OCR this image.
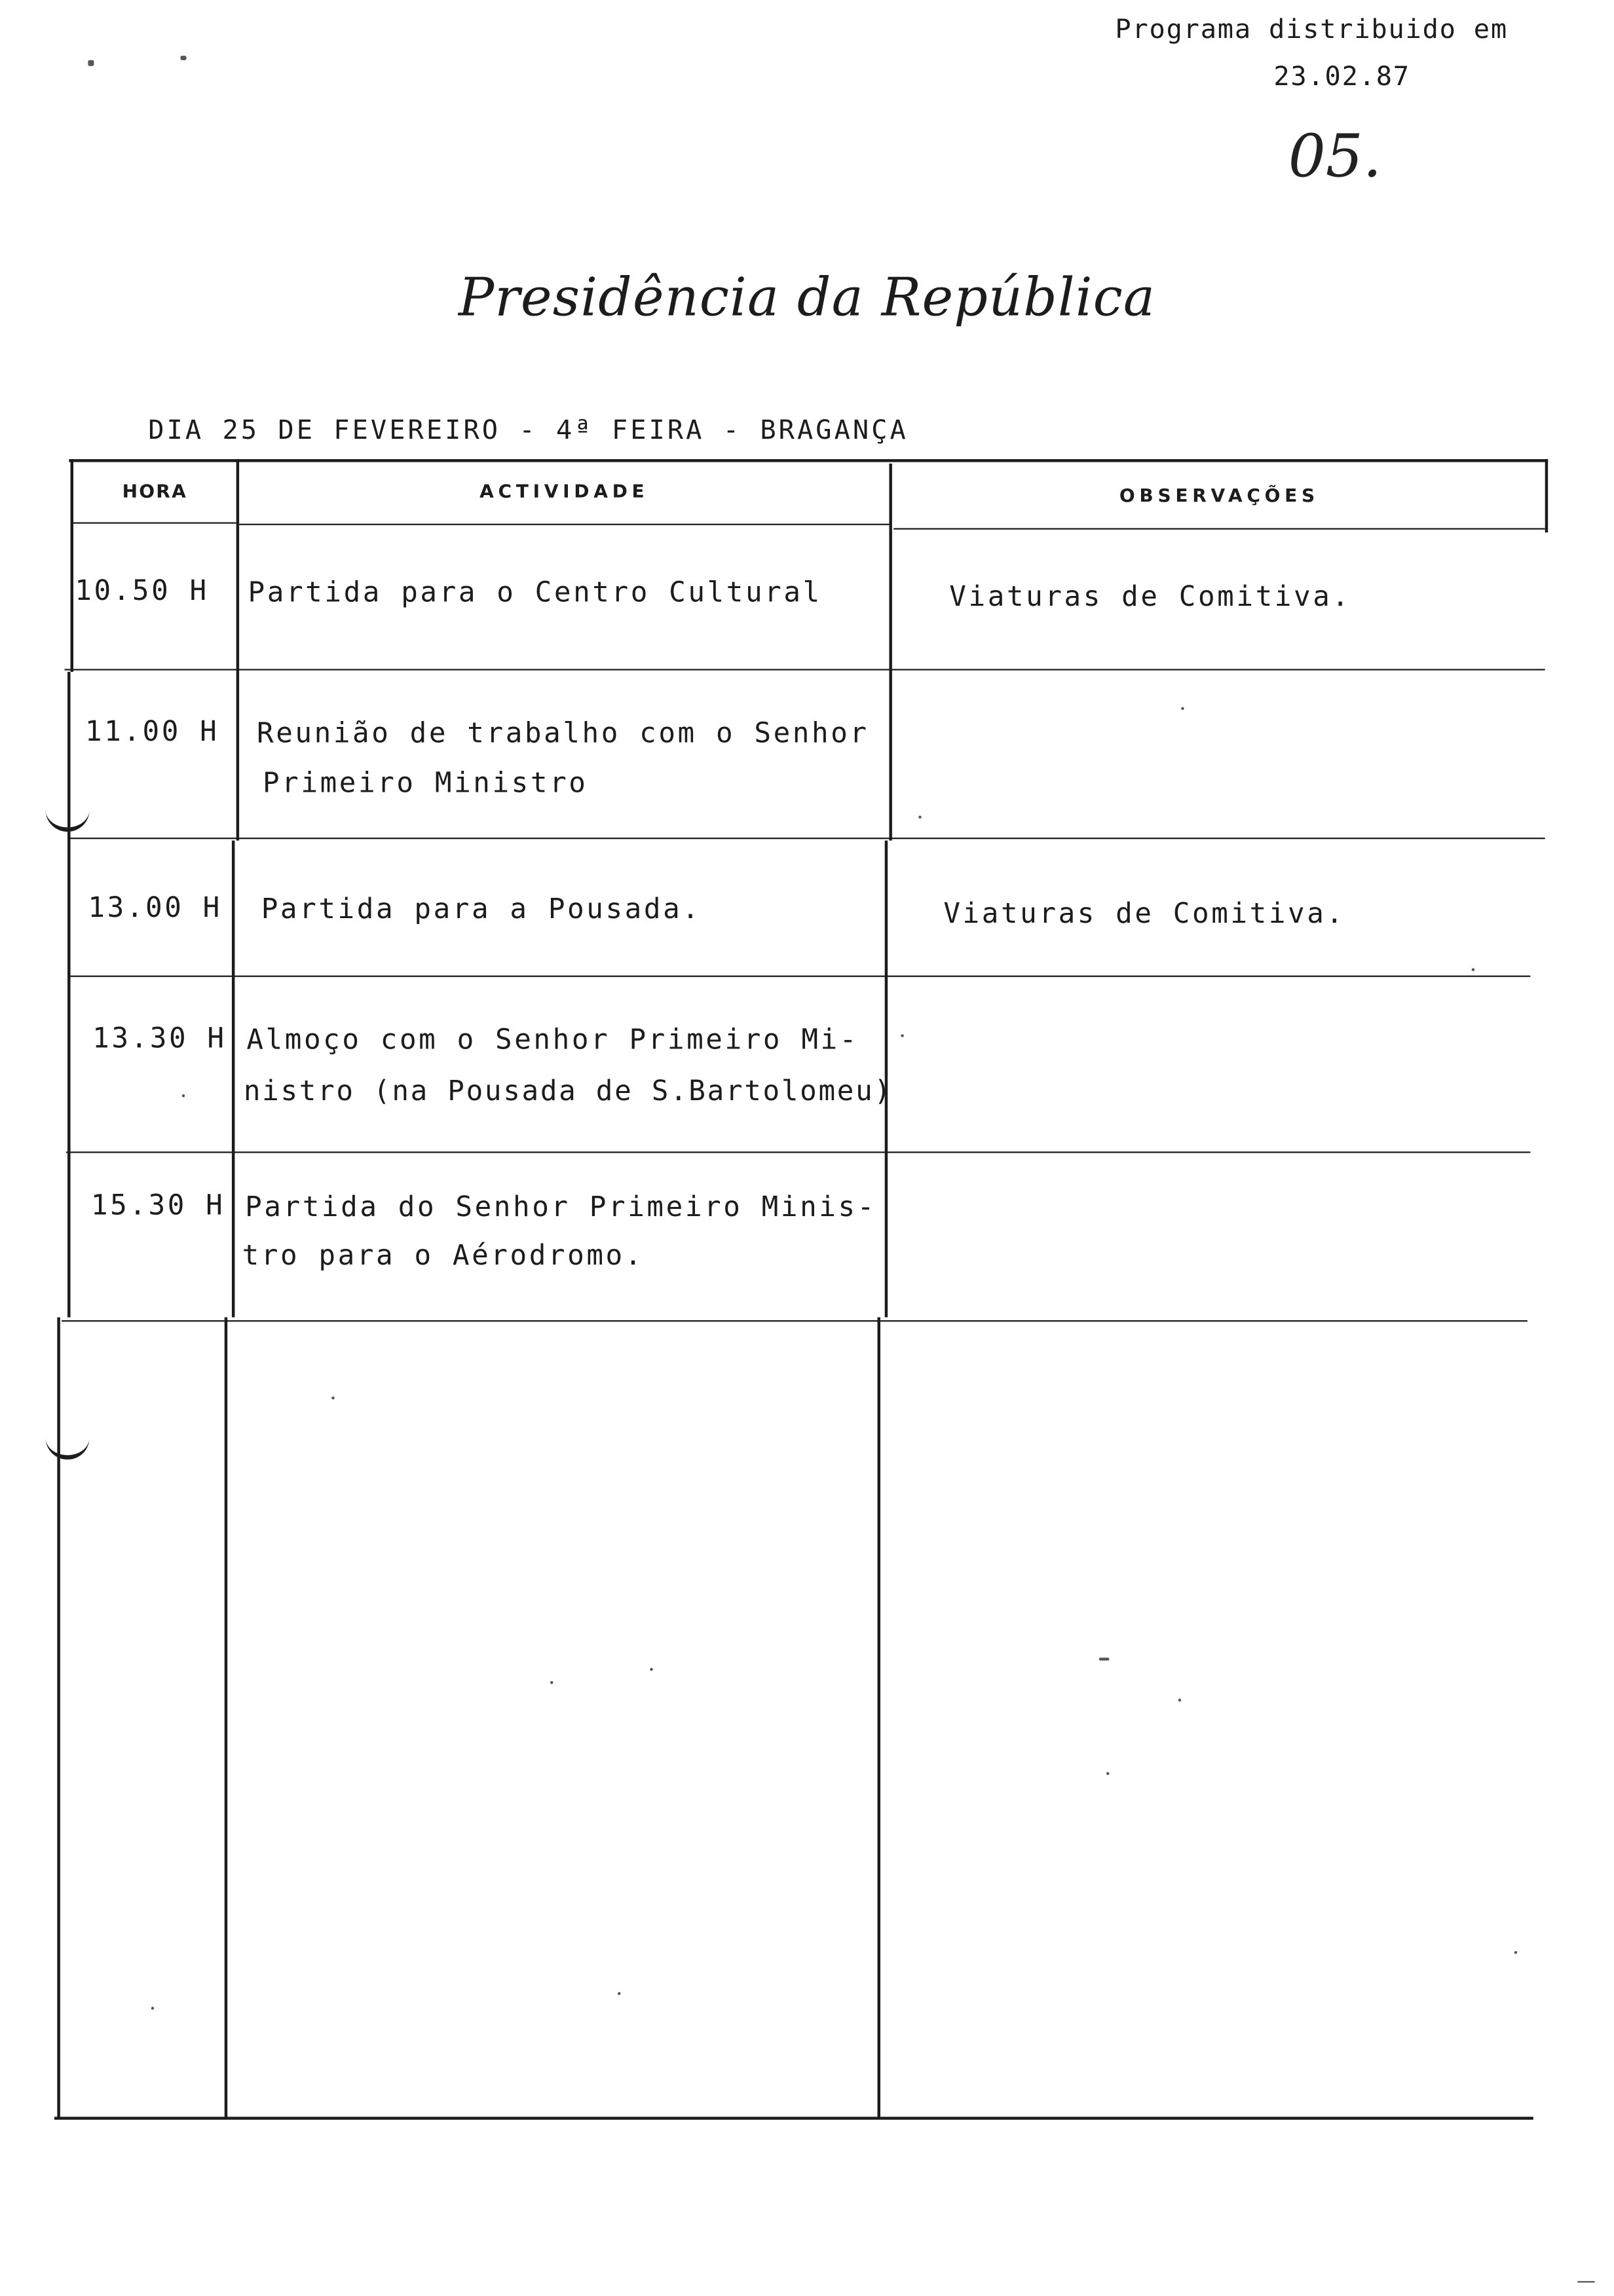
Programa distribuido em
23.02.87
05.
Presidência da República
DIA 25 DE FEVEREIRO - 4ª FEIRA - BRAGANÇA
HORA	ACTIVIDADE	OBSERVAÇÕES
10.50 H	Partida para o Centro Cultural	Viaturas de Comitiva.
11.00 H	Reunião de trabalho com o Senhor
Primeiro Ministro
13.00 H	Partida para a Pousada.	Viaturas de Comitiva.
13.30 H Almoço com o Senhor Primeiro Mi-
nistro (na Pousada de S.Bartolomeu)
15.30 H Partida do Senhor Primeiro Minis-
tro para o Aérodromo.
